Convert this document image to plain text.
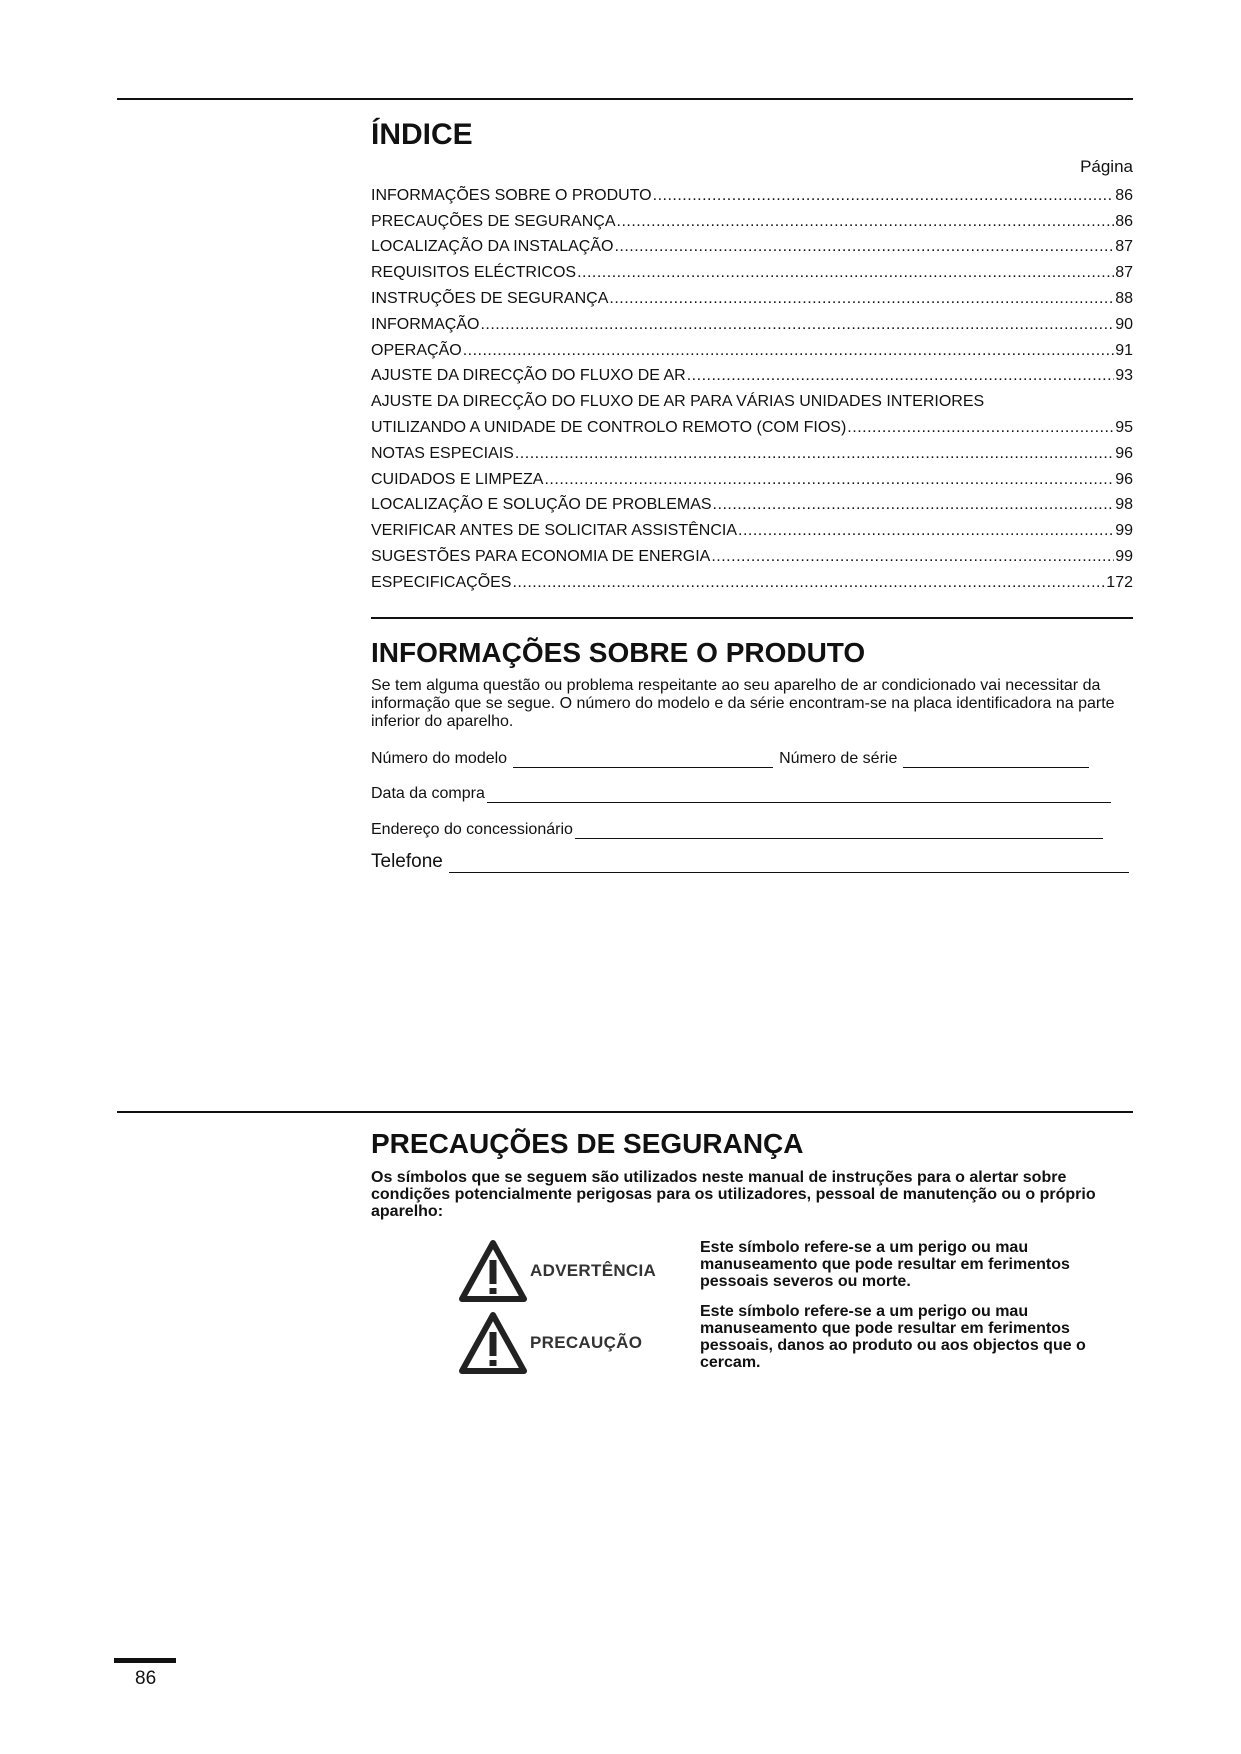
ÍNDICE
Página
INFORMAÇÕES SOBRE O PRODUTO .....	86
PRECAUÇÕES DE SEGURANÇA .....	86
LOCALIZAÇÃO DA INSTALAÇÃO .....	87
REQUISITOS ELÉCTRICOS .....	87
INSTRUÇÕES DE SEGURANÇA .....	88
INFORMAÇÃO .....	90
OPERAÇÃO .....	91
AJUSTE DA DIRECÇÃO DO FLUXO DE AR .....	93
AJUSTE DA DIRECÇÃO DO FLUXO DE AR PARA VÁRIAS UNIDADES INTERIORES
UTILIZANDO A UNIDADE DE CONTROLO REMOTO (COM FIOS) .....	95
NOTAS ESPECIAIS .....	96
CUIDADOS E LIMPEZA .....	96
LOCALIZAÇÃO E SOLUÇÃO DE PROBLEMAS .....	98
VERIFICAR ANTES DE SOLICITAR ASSISTÊNCIA .....	99
SUGESTÕES PARA ECONOMIA DE ENERGIA .....	99
ESPECIFICAÇÕES .....	172
INFORMAÇÕES SOBRE O PRODUTO

Se tem alguma questão ou problema respeitante ao seu aparelho de ar condicionado vai necessitar da informação que se segue. O número do modelo e da série encontram-se na placa identificadora na parte inferior do aparelho.

Número do modelo	Número de série
Data da compra
Endereço do concessionário
Telefone
PRECAUÇÕES DE SEGURANÇA

Os símbolos que se seguem são utilizados neste manual de instruções para o alertar sobre condições potencialmente perigosas para os utilizadores, pessoal de manutenção ou o próprio aparelho:

ADVERTÊNCIA

Este símbolo refere-se a um perigo ou mau manuseamento que pode resultar em ferimentos pessoais severos ou morte.

PRECAUÇÃO

Este símbolo refere-se a um perigo ou mau manuseamento que pode resultar em ferimentos pessoais, danos ao produto ou aos objectos que o cercam.

86
